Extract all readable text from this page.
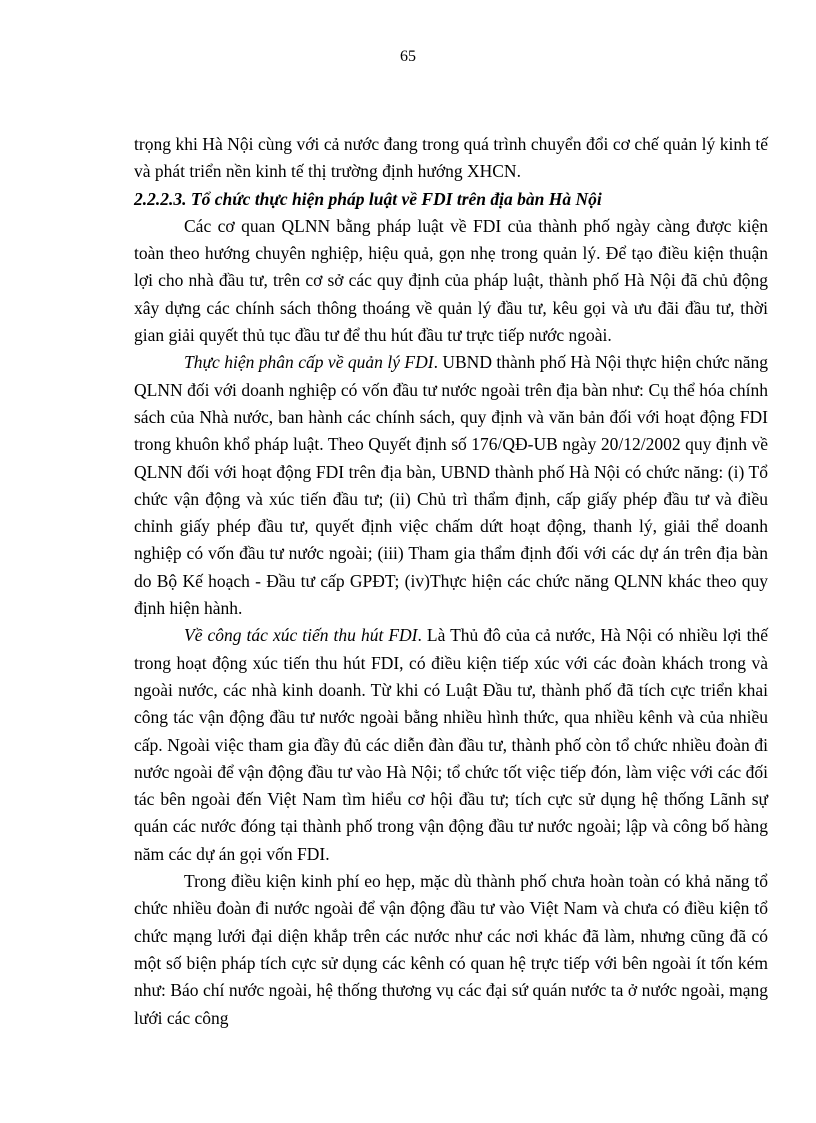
65

trọng khi Hà Nội cùng với cả nước đang trong quá trình chuyển đổi cơ chế quản lý kinh tế và phát triển nền kinh tế thị trường định hướng XHCN.

2.2.2.3. Tổ chức thực hiện pháp luật về FDI trên địa bàn Hà Nội

Các cơ quan QLNN bằng pháp luật về FDI của thành phố ngày càng được kiện toàn theo hướng chuyên nghiệp, hiệu quả, gọn nhẹ trong quản lý. Để tạo điều kiện thuận lợi cho nhà đầu tư, trên cơ sở các quy định của pháp luật, thành phố Hà Nội đã chủ động xây dựng các chính sách thông thoáng về quản lý đầu tư, kêu gọi và ưu đãi đầu tư, thời gian giải quyết thủ tục đầu tư để thu hút đầu tư trực tiếp nước ngoài.

Thực hiện phân cấp về quản lý FDI. UBND thành phố Hà Nội thực hiện chức năng QLNN đối với doanh nghiệp có vốn đầu tư nước ngoài trên địa bàn như: Cụ thể hóa chính sách của Nhà nước, ban hành các chính sách, quy định và văn bản đối với hoạt động FDI trong khuôn khổ pháp luật. Theo Quyết định số 176/QĐ-UB ngày 20/12/2002 quy định về QLNN đối với hoạt động FDI trên địa bàn, UBND thành phố Hà Nội có chức năng: (i) Tổ chức vận động và xúc tiến đầu tư; (ii) Chủ trì thẩm định, cấp giấy phép đầu tư và điều chỉnh giấy phép đầu tư, quyết định việc chấm dứt hoạt động, thanh lý, giải thể doanh nghiệp có vốn đầu tư nước ngoài; (iii) Tham gia thẩm định đối với các dự án trên địa bàn do Bộ Kế hoạch - Đầu tư cấp GPĐT; (iv)Thực hiện các chức năng QLNN khác theo quy định hiện hành.

Về công tác xúc tiến thu hút FDI. Là Thủ đô của cả nước, Hà Nội có nhiều lợi thế trong hoạt động xúc tiến thu hút FDI, có điều kiện tiếp xúc với các đoàn khách trong và ngoài nước, các nhà kinh doanh. Từ khi có Luật Đầu tư, thành phố đã tích cực triển khai công tác vận động đầu tư nước ngoài bằng nhiều hình thức, qua nhiều kênh và của nhiều cấp. Ngoài việc tham gia đầy đủ các diễn đàn đầu tư, thành phố còn tổ chức nhiều đoàn đi nước ngoài để vận động đầu tư vào Hà Nội; tổ chức tốt việc tiếp đón, làm việc với các đối tác bên ngoài đến Việt Nam tìm hiểu cơ hội đầu tư; tích cực sử dụng hệ thống Lãnh sự quán các nước đóng tại thành phố trong vận động đầu tư nước ngoài; lập và công bố hàng năm các dự án gọi vốn FDI.

Trong điều kiện kinh phí eo hẹp, mặc dù thành phố chưa hoàn toàn có khả năng tổ chức nhiều đoàn đi nước ngoài để vận động đầu tư vào Việt Nam và chưa có điều kiện tổ chức mạng lưới đại diện khắp trên các nước như các nơi khác đã làm, nhưng cũng đã có một số biện pháp tích cực sử dụng các kênh có quan hệ trực tiếp với bên ngoài ít tốn kém như: Báo chí nước ngoài, hệ thống thương vụ các đại sứ quán nước ta ở nước ngoài, mạng lưới các công
